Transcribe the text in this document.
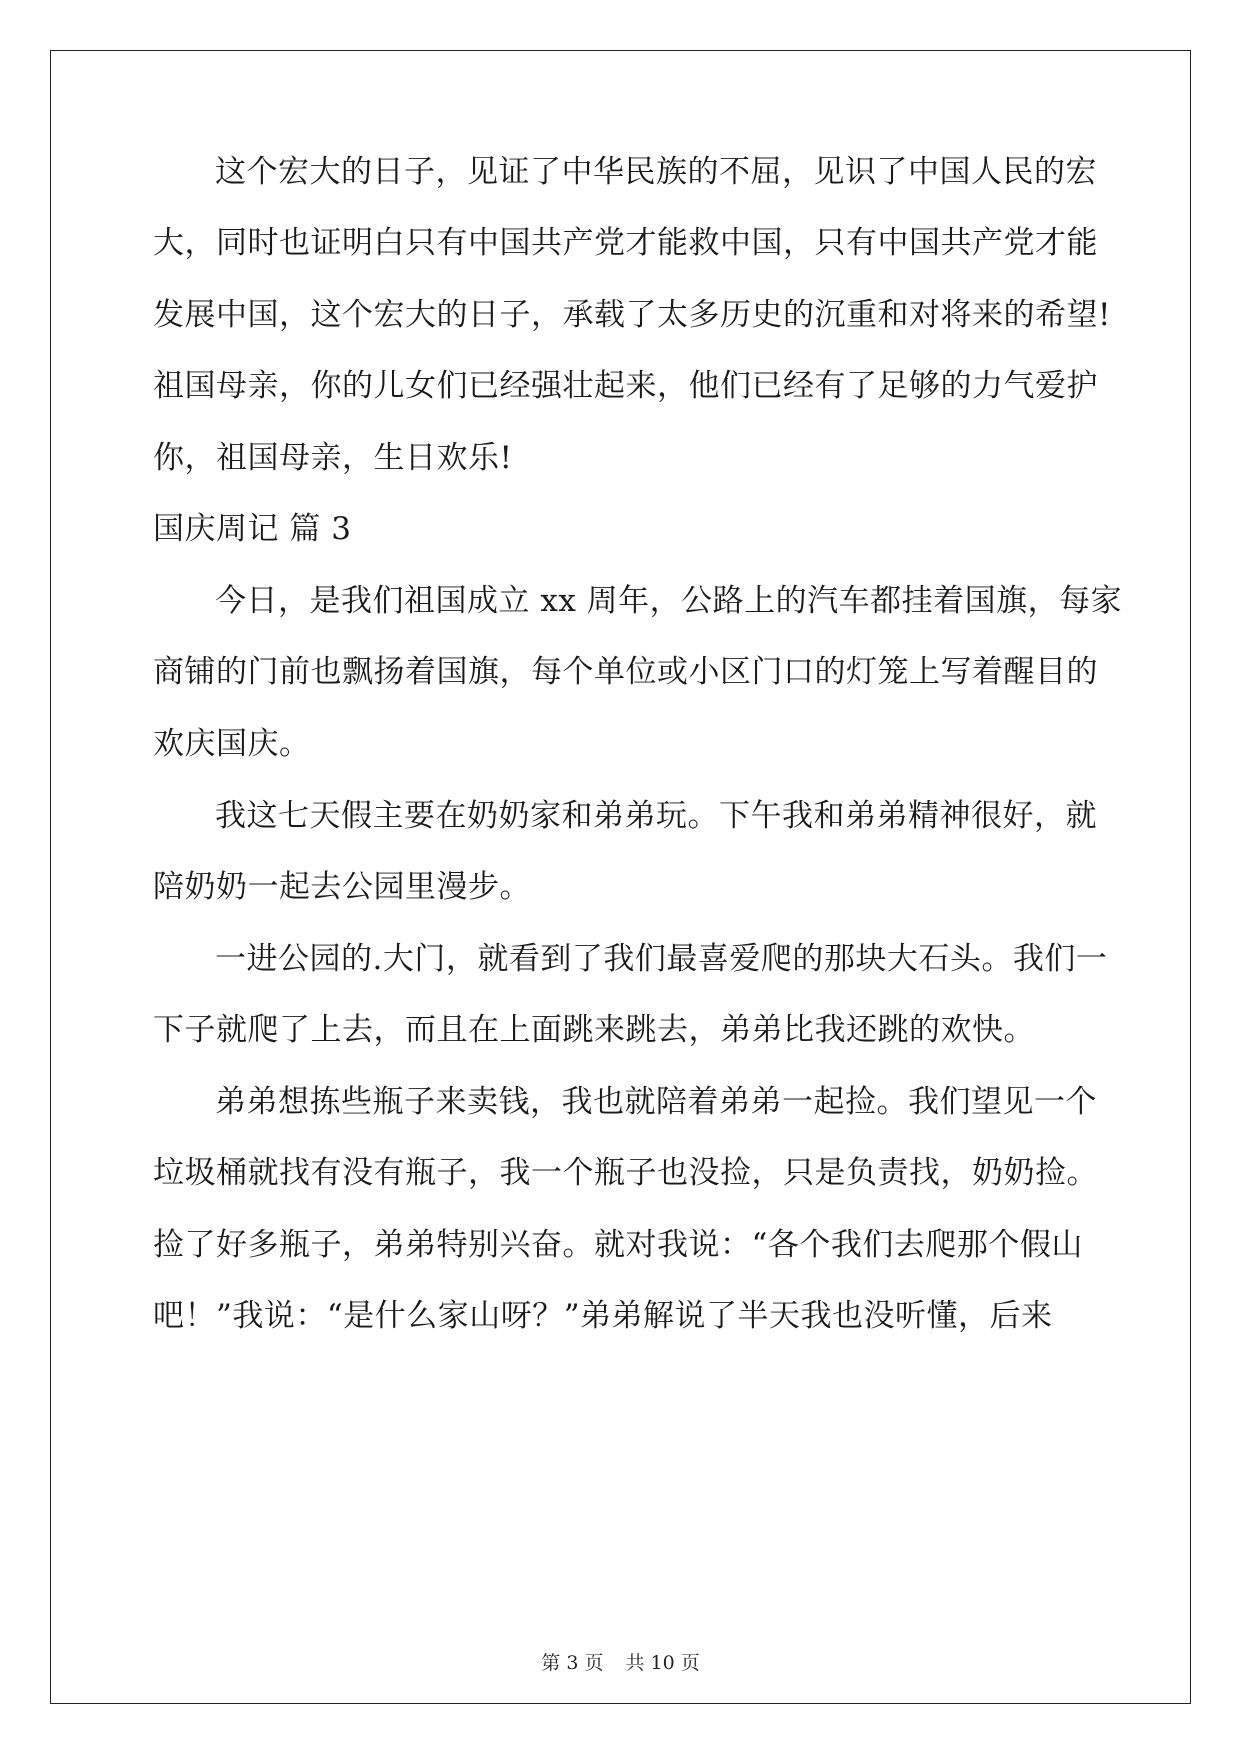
这个宏大的日子，见证了中华民族的不屈，见识了中国人民的宏
大，同时也证明白只有中国共产党才能救中国，只有中国共产党才能
发展中国，这个宏大的日子，承载了太多历史的沉重和对将来的希望!
祖国母亲，你的儿女们已经强壮起来，他们已经有了足够的力气爱护
你，祖国母亲，生日欢乐!
国庆周记 篇 3
今日，是我们祖国成立 xx 周年，公路上的汽车都挂着国旗，每家
商铺的门前也飘扬着国旗，每个单位或小区门口的灯笼上写着醒目的
欢庆国庆。
我这七天假主要在奶奶家和弟弟玩。下午我和弟弟精神很好，就
陪奶奶一起去公园里漫步。
一进公园的.大门，就看到了我们最喜爱爬的那块大石头。我们一
下子就爬了上去，而且在上面跳来跳去，弟弟比我还跳的欢快。
弟弟想拣些瓶子来卖钱，我也就陪着弟弟一起捡。我们望见一个
垃圾桶就找有没有瓶子，我一个瓶子也没捡，只是负责找，奶奶捡。
捡了好多瓶子，弟弟特别兴奋。就对我说：“各个我们去爬那个假山
吧！”我说：“是什么家山呀？”弟弟解说了半天我也没听懂，后来
第 3 页 共 10 页
